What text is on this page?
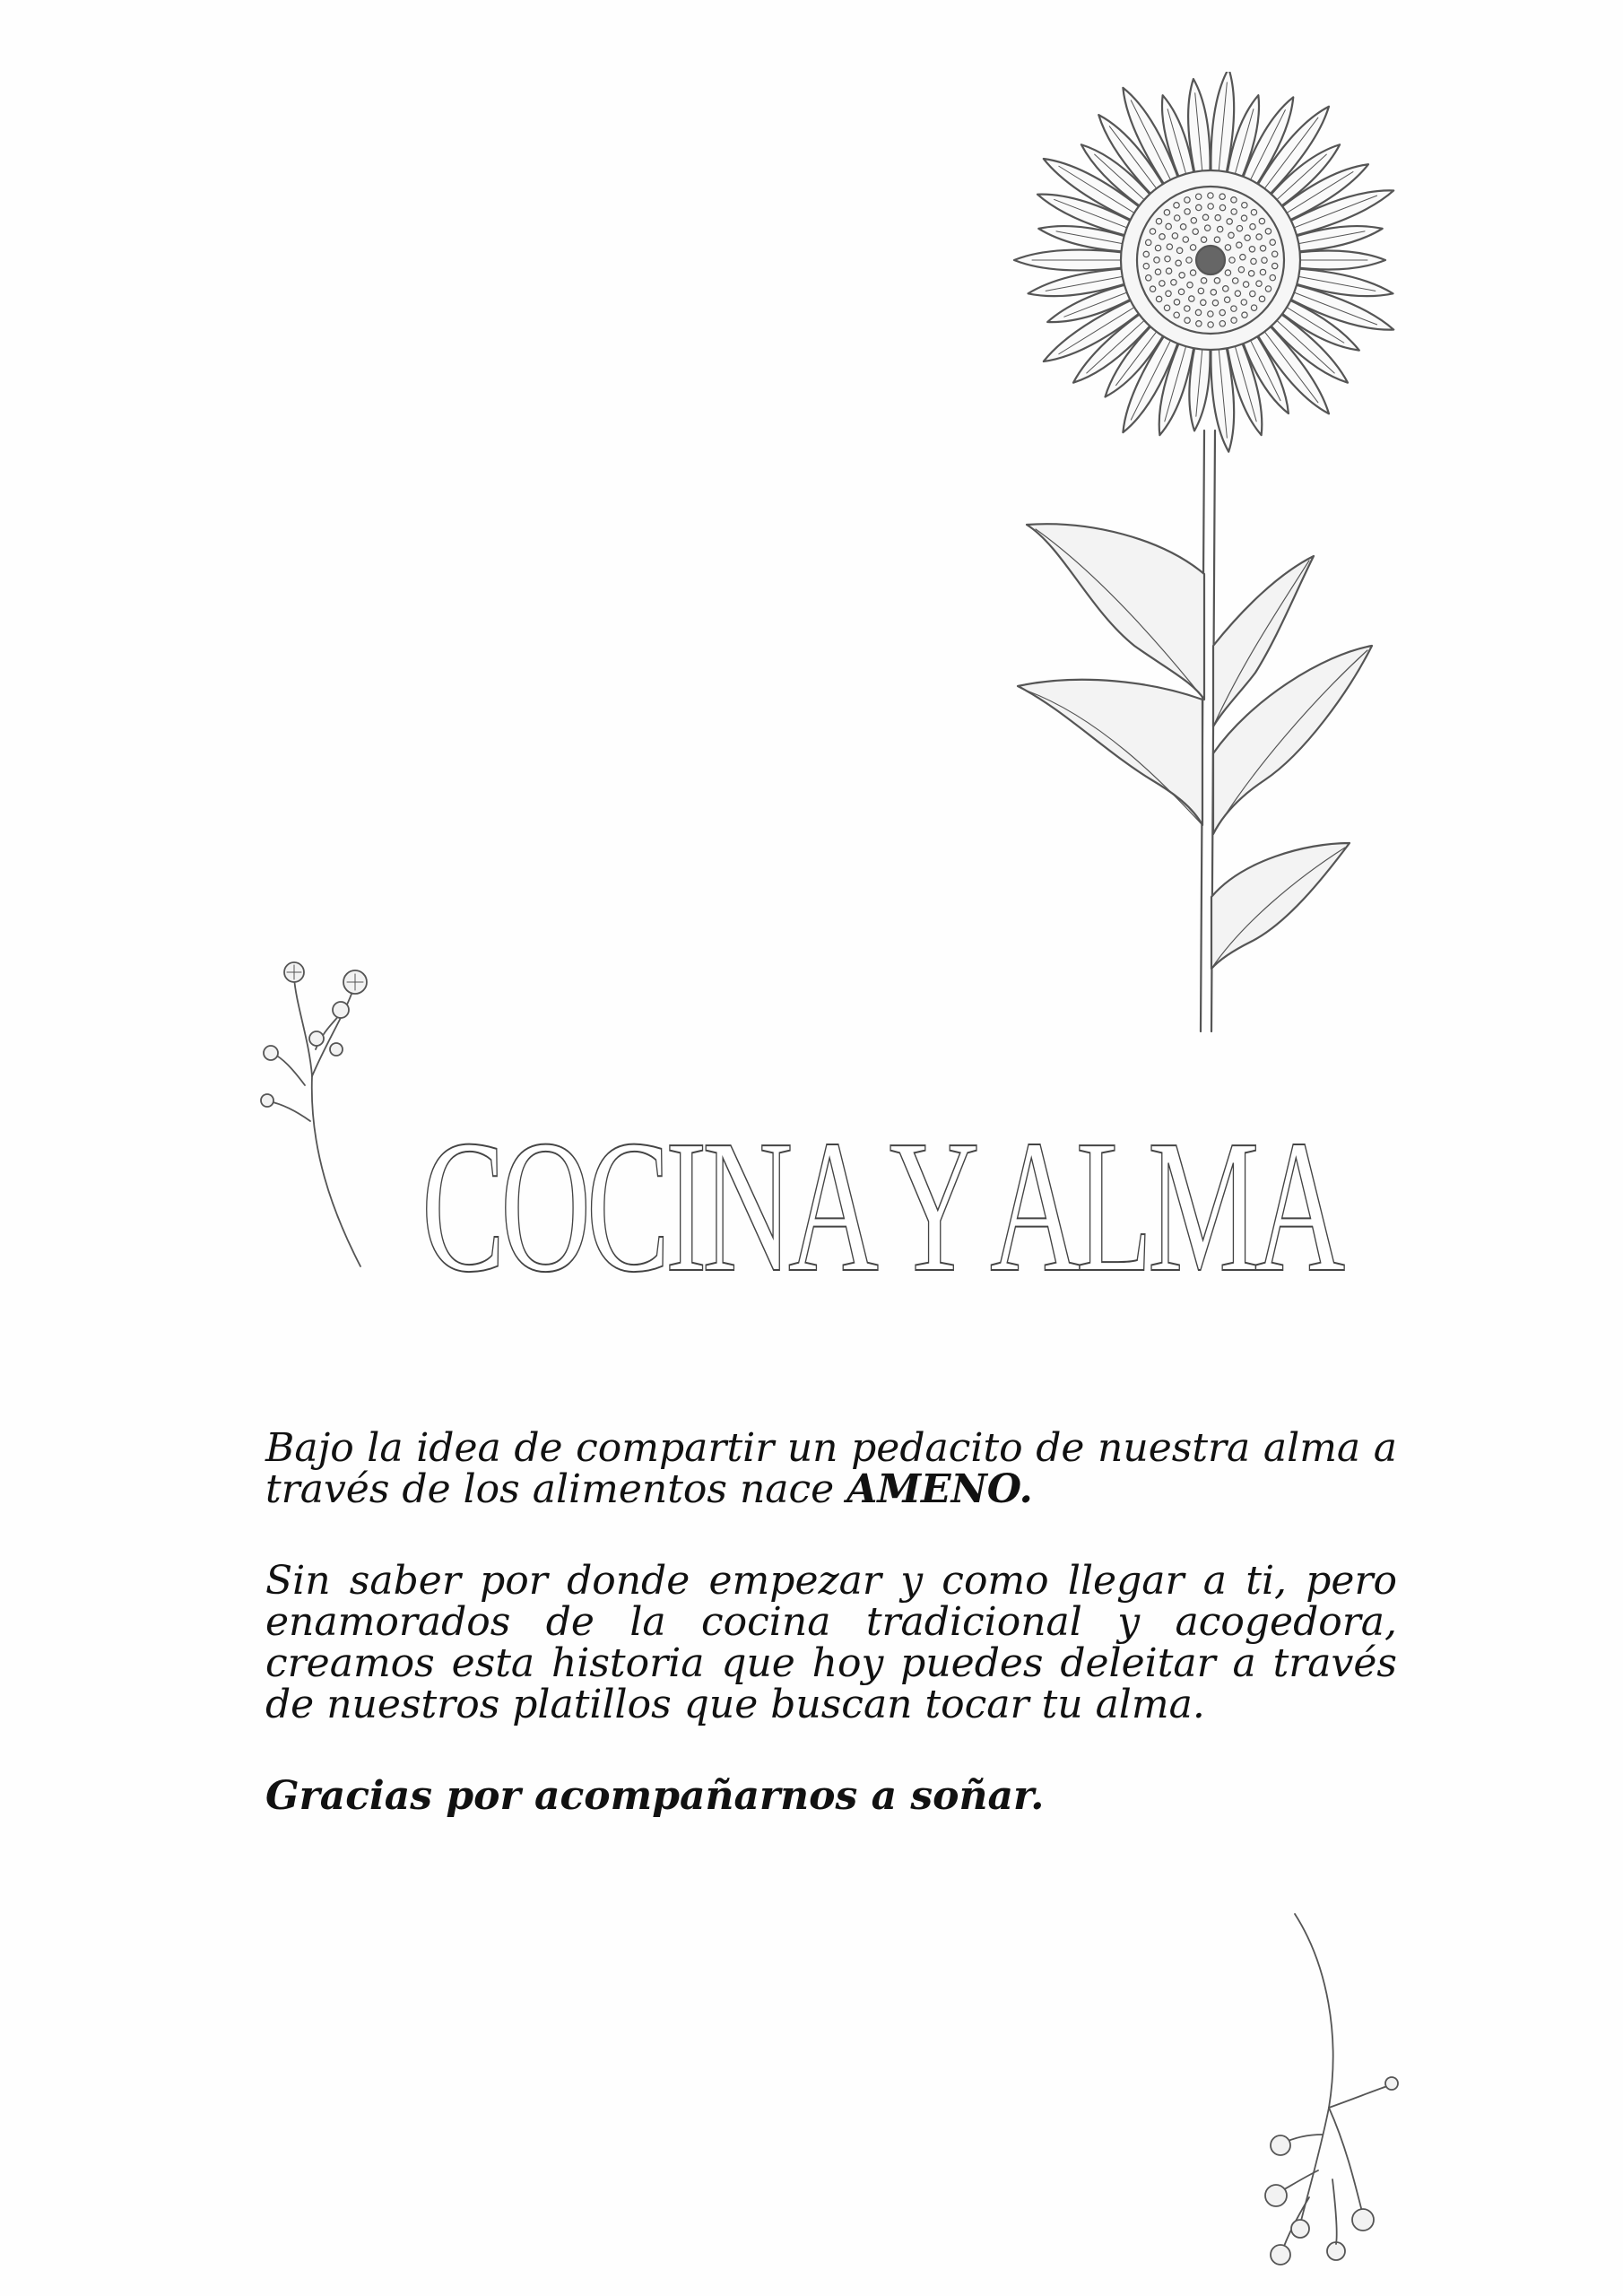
COCINA Y ALMA

Bajo la idea de compartir un pedacito de nuestra alma a través de los alimentos nace AMENO.

Sin saber por donde empezar y como llegar a ti, pero enamorados de la cocina tradicional y acogedora, creamos esta historia que hoy puedes deleitar a través de nuestros platillos que buscan tocar tu alma.

Gracias por acompañarnos a soñar.
